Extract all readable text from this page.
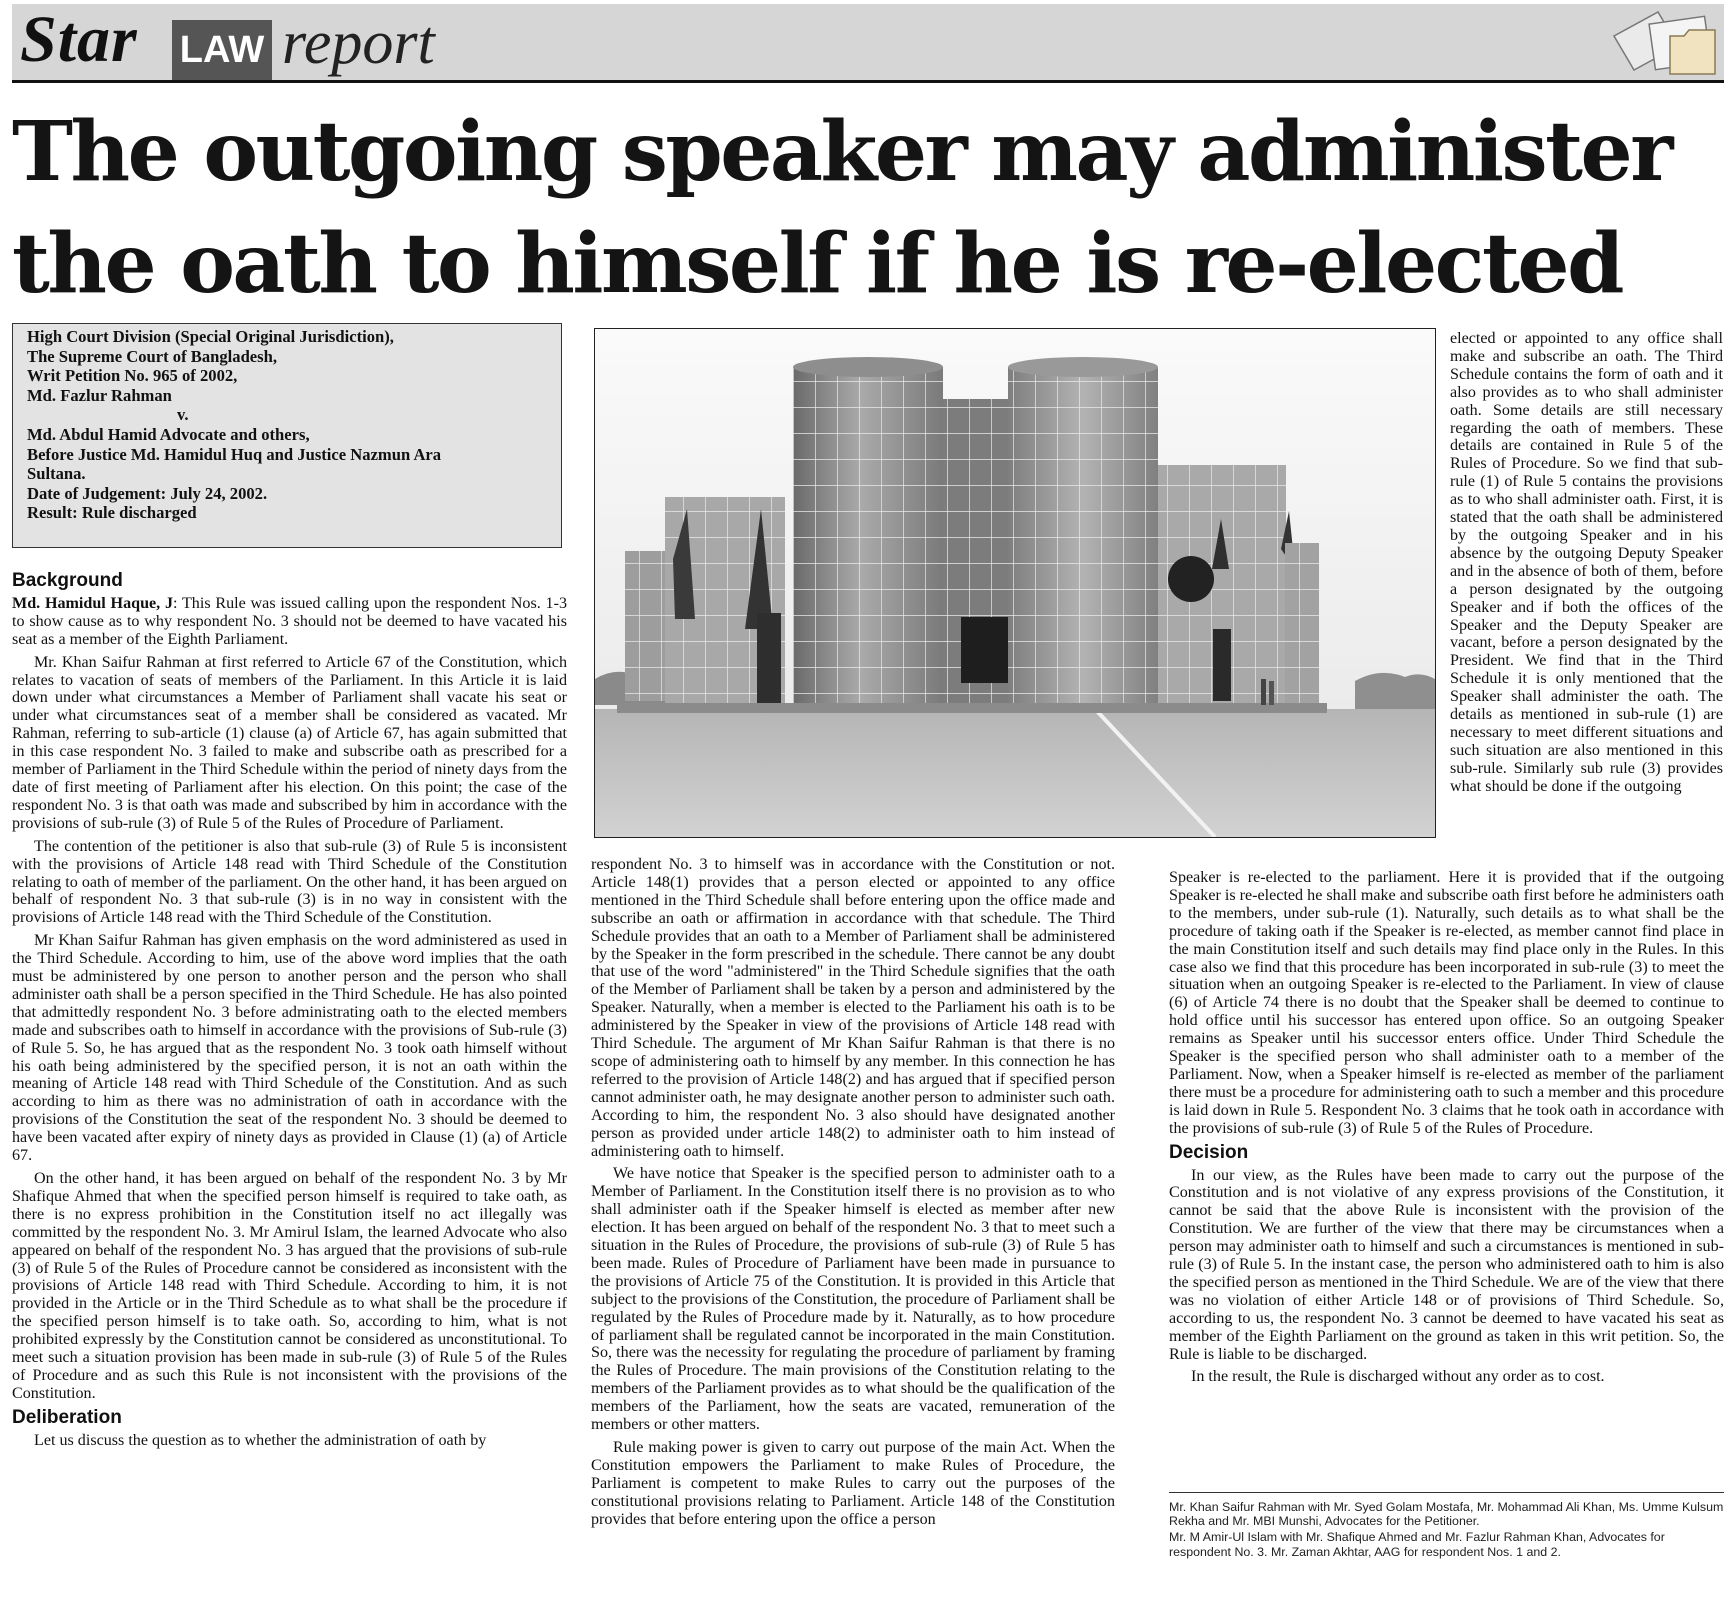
Star LAW report
The outgoing speaker may administer
the oath to himself if he is re-elected
High Court Division (Special Original Jurisdiction),
The Supreme Court of Bangladesh,
Writ Petition No. 965 of 2002,
Md. Fazlur Rahman
v.
Md. Abdul Hamid Advocate and others,
Before Justice Md. Hamidul Huq and Justice Nazmun Ara
Sultana.
Date of Judgement: July 24, 2002.
Result: Rule discharged
Background

Md. Hamidul Haque, J: This Rule was issued calling upon the respondent Nos. 1-3 to show cause as to why respondent No. 3 should not be deemed to have vacated his seat as a member of the Eighth Parliament.

Mr. Khan Saifur Rahman at first referred to Article 67 of the Constitution, which relates to vacation of seats of members of the Parliament. In this Article it is laid down under what circumstances a Member of Parliament shall vacate his seat or under what circumstances seat of a member shall be considered as vacated. Mr Rahman, referring to sub-article (1) clause (a) of Article 67, has again submitted that in this case respondent No. 3 failed to make and subscribe oath as prescribed for a member of Parliament in the Third Schedule within the period of ninety days from the date of first meeting of Parliament after his election. On this point; the case of the respondent No. 3 is that oath was made and subscribed by him in accordance with the provisions of sub-rule (3) of Rule 5 of the Rules of Procedure of Parliament.

The contention of the petitioner is also that sub-rule (3) of Rule 5 is inconsistent with the provisions of Article 148 read with Third Schedule of the Constitution relating to oath of member of the parliament. On the other hand, it has been argued on behalf of respondent No. 3 that sub-rule (3) is in no way in consistent with the provisions of Article 148 read with the Third Schedule of the Constitution.

Mr Khan Saifur Rahman has given emphasis on the word administered as used in the Third Schedule. According to him, use of the above word implies that the oath must be administered by one person to another person and the person who shall administer oath shall be a person specified in the Third Schedule. He has also pointed that admittedly respondent No. 3 before administrating oath to the elected members made and subscribes oath to himself in accordance with the provisions of Sub-rule (3) of Rule 5. So, he has argued that as the respondent No. 3 took oath himself without his oath being administered by the specified person, it is not an oath within the meaning of Article 148 read with Third Schedule of the Constitution. And as such according to him as there was no administration of oath in accordance with the provisions of the Constitution the seat of the respondent No. 3 should be deemed to have been vacated after expiry of ninety days as provided in Clause (1) (a) of Article 67.

On the other hand, it has been argued on behalf of the respondent No. 3 by Mr Shafique Ahmed that when the specified person himself is required to take oath, as there is no express prohibition in the Constitution itself no act illegally was committed by the respondent No. 3. Mr Amirul Islam, the learned Advocate who also appeared on behalf of the respondent No. 3 has argued that the provisions of sub-rule (3) of Rule 5 of the Rules of Procedure cannot be considered as inconsistent with the provisions of Article 148 read with Third Schedule. According to him, it is not provided in the Article or in the Third Schedule as to what shall be the procedure if the specified person himself is to take oath. So, according to him, what is not prohibited expressly by the Constitution cannot be considered as unconstitutional. To meet such a situation provision has been made in sub-rule (3) of Rule 5 of the Rules of Procedure and as such this Rule is not inconsistent with the provisions of the Constitution.

Deliberation

Let us discuss the question as to whether the administration of oath by

respondent No. 3 to himself was in accordance with the Constitution or not. Article 148(1) provides that a person elected or appointed to any office mentioned in the Third Schedule shall before entering upon the office made and subscribe an oath or affirmation in accordance with that schedule. The Third Schedule provides that an oath to a Member of Parliament shall be administered by the Speaker in the form prescribed in the schedule. There cannot be any doubt that use of the word "administered" in the Third Schedule signifies that the oath of the Member of Parliament shall be taken by a person and administered by the Speaker. Naturally, when a member is elected to the Parliament his oath is to be administered by the Speaker in view of the provisions of Article 148 read with Third Schedule. The argument of Mr Khan Saifur Rahman is that there is no scope of administering oath to himself by any member. In this connection he has referred to the provision of Article 148(2) and has argued that if specified person cannot administer oath, he may designate another person to administer such oath. According to him, the respondent No. 3 also should have designated another person as provided under article 148(2) to administer oath to him instead of administering oath to himself.

We have notice that Speaker is the specified person to administer oath to a Member of Parliament. In the Constitution itself there is no provision as to who shall administer oath if the Speaker himself is elected as member after new election. It has been argued on behalf of the respondent No. 3 that to meet such a situation in the Rules of Procedure, the provisions of sub-rule (3) of Rule 5 has been made. Rules of Procedure of Parliament have been made in pursuance to the provisions of Article 75 of the Constitution. It is provided in this Article that subject to the provisions of the Constitution, the procedure of Parliament shall be regulated by the Rules of Procedure made by it. Naturally, as to how procedure of parliament shall be regulated cannot be incorporated in the main Constitution. So, there was the necessity for regulating the procedure of parliament by framing the Rules of Procedure. The main provisions of the Constitution relating to the members of the Parliament provides as to what should be the qualification of the members of the Parliament, how the seats are vacated, remuneration of the members or other matters.

Rule making power is given to carry out purpose of the main Act. When the Constitution empowers the Parliament to make Rules of Procedure, the Parliament is competent to make Rules to carry out the purposes of the constitutional provisions relating to Parliament. Article 148 of the Constitution provides that before entering upon the office a person

elected or appointed to any office shall make and subscribe an oath. The Third Schedule contains the form of oath and it also provides as to who shall administer oath. Some details are still necessary regarding the oath of members. These details are contained in Rule 5 of the Rules of Procedure. So we find that sub-rule (1) of Rule 5 contains the provisions as to who shall administer oath. First, it is stated that the oath shall be administered by the outgoing Speaker and in his absence by the outgoing Deputy Speaker and in the absence of both of them, before a person designated by the outgoing Speaker and if both the offices of the Speaker and the Deputy Speaker are vacant, before a person designated by the President. We find that in the Third Schedule it is only mentioned that the Speaker shall administer the oath. The details as mentioned in sub-rule (1) are necessary to meet different situations and such situation are also mentioned in this sub-rule. Similarly sub rule (3) provides what should be done if the outgoing

Speaker is re-elected to the parliament. Here it is provided that if the outgoing Speaker is re-elected he shall make and subscribe oath first before he administers oath to the members, under sub-rule (1). Naturally, such details as to what shall be the procedure of taking oath if the Speaker is re-elected, as member cannot find place in the main Constitution itself and such details may find place only in the Rules. In this case also we find that this procedure has been incorporated in sub-rule (3) to meet the situation when an outgoing Speaker is re-elected to the Parliament. In view of clause (6) of Article 74 there is no doubt that the Speaker shall be deemed to continue to hold office until his successor has entered upon office. So an outgoing Speaker remains as Speaker until his successor enters office. Under Third Schedule the Speaker is the specified person who shall administer oath to a member of the Parliament. Now, when a Speaker himself is re-elected as member of the parliament there must be a procedure for administering oath to such a member and this procedure is laid down in Rule 5. Respondent No. 3 claims that he took oath in accordance with the provisions of sub-rule (3) of Rule 5 of the Rules of Procedure.

Decision

In our view, as the Rules have been made to carry out the purpose of the Constitution and is not violative of any express provisions of the Constitution, it cannot be said that the above Rule is inconsistent with the provision of the Constitution. We are further of the view that there may be circumstances when a person may administer oath to himself and such a circumstances is mentioned in sub-rule (3) of Rule 5. In the instant case, the person who administered oath to him is also the specified person as mentioned in the Third Schedule. We are of the view that there was no violation of either Article 148 or of provisions of Third Schedule. So, according to us, the respondent No. 3 cannot be deemed to have vacated his seat as member of the Eighth Parliament on the ground as taken in this writ petition. So, the Rule is liable to be discharged.

In the result, the Rule is discharged without any order as to cost.

Mr. Khan Saifur Rahman with Mr. Syed Golam Mostafa, Mr. Mohammad Ali Khan, Ms. Umme Kulsum Rekha and Mr. MBI Munshi, Advocates for the Petitioner.
Mr. M Amir-Ul Islam with Mr. Shafique Ahmed and Mr. Fazlur Rahman Khan, Advocates for respondent No. 3. Mr. Zaman Akhtar, AAG for respondent Nos. 1 and 2.
